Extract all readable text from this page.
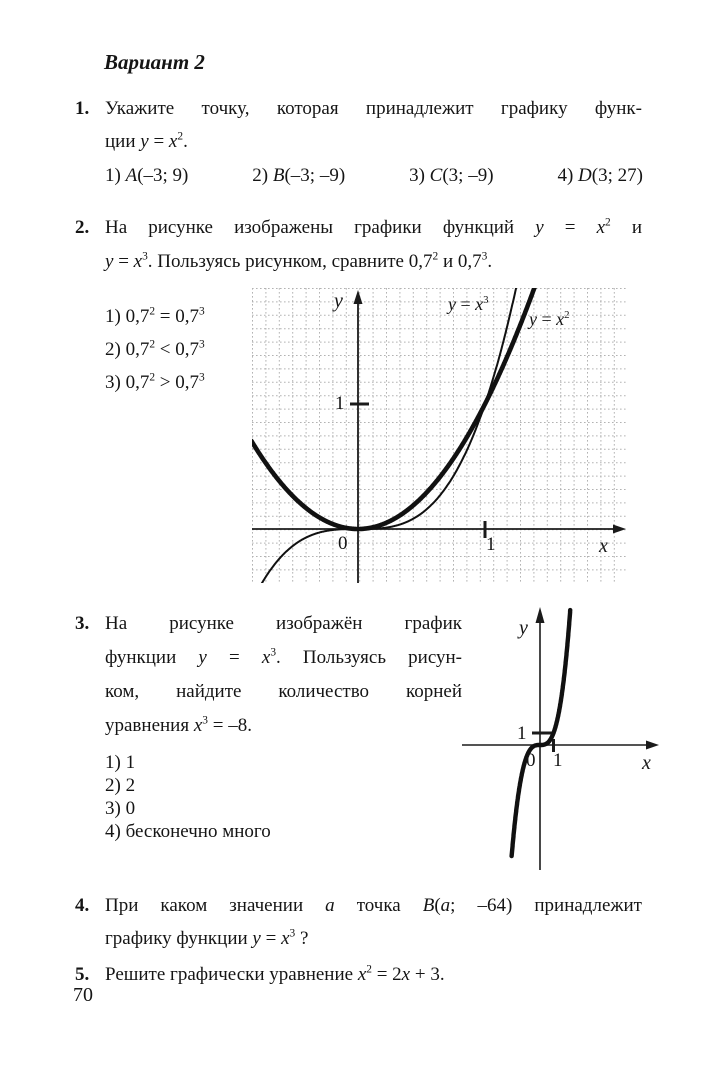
Вариант 2
1. Укажите точку, которая принадлежит графику функ-
ции $y = x^2$.
1) A(–3; 9)	2) B(–3; –9)	3) C(3; –9)	4) D(3; 27)
2. На рисунке изображены графики функций $y = x^2$ и
$y = x^3$. Пользуясь рисунком, сравните $0,7^2$ и $0,7^3$.
1) $0,7^2 = 0,7^3$
2) $0,7^2 < 0,7^3$
3) $0,7^2 > 0,7^3$
y	$y = x^3$
$y = x^2$
1
0	1	x
3. На рисунке изображён график
функции $y = x^3$. Пользуясь рисун-
ком, найдите количество корней
уравнения $x^3 = -8$.
1) 1
2) 2
3) 0
4) бесконечно много
y
1
0 1	x
4. При каком значении a точка B(a; –64) принадлежит
графику функции $y = x^3$ ?
5. Решите графически уравнение $x^2 = 2x + 3$.
70
